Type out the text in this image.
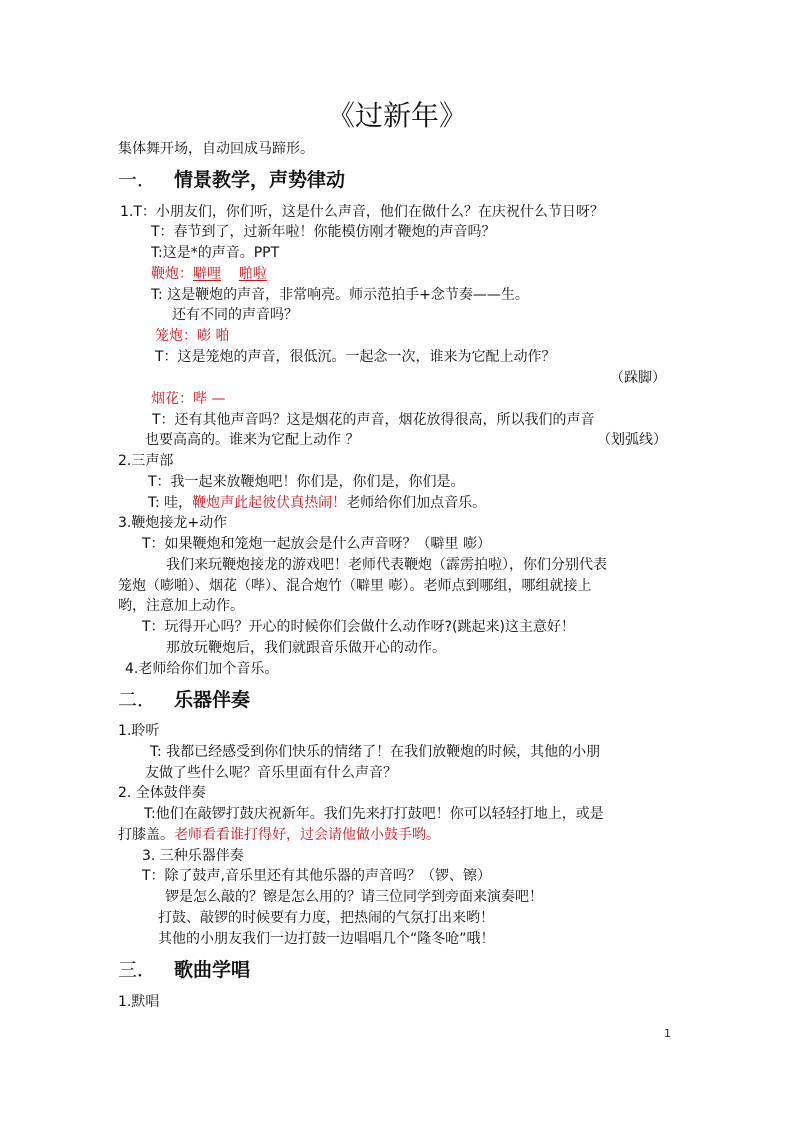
《过新年》
集体舞开场，自动回成马蹄形。
一． 情景教学，声势律动
1.T：小朋友们，你们听，这是什么声音，他们在做什么？在庆祝什么节日呀？
T：春节到了，过新年啦！你能模仿刚才鞭炮的声音吗？
T:这是*的声音。PPT
鞭炮：噼哩 啪啦
T: 这是鞭炮的声音，非常响亮。师示范拍手+念节奏——生。
还有不同的声音吗？
笼炮：嘭 啪
T：这是笼炮的声音，很低沉。一起念一次，谁来为它配上动作？
（跺脚）
烟花：哔 —
T：还有其他声音吗？这是烟花的声音，烟花放得很高，所以我们的声音
也要高高的。谁来为它配上动作 ？	（划弧线）
2.三声部
T：我一起来放鞭炮吧！你们是，你们是，你们是。
T: 哇，鞭炮声此起彼伏真热闹！老师给你们加点音乐。
3.鞭炮接龙+动作
T：如果鞭炮和笼炮一起放会是什么声音呀？（噼里 嘭）
我们来玩鞭炮接龙的游戏吧！老师代表鞭炮（霹雳拍啦），你们分别代表
笼炮（嘭啪）、烟花（哔）、混合炮竹（噼里 嘭）。老师点到哪组，哪组就接上
哟，注意加上动作。
T：玩得开心吗？开心的时候你们会做什么动作呀?(跳起来)这主意好！
那放玩鞭炮后，我们就跟音乐做开心的动作。
4.老师给你们加个音乐。
二． 乐器伴奏
1.聆听
T: 我都已经感受到你们快乐的情绪了！在我们放鞭炮的时候，其他的小朋
友做了些什么呢？音乐里面有什么声音？
2. 全体鼓伴奏
T:他们在敲锣打鼓庆祝新年。我们先来打打鼓吧！你可以轻轻打地上，或是
打膝盖。老师看看谁打得好，过会请他做小鼓手哟。
3. 三种乐器伴奏
T：除了鼓声,音乐里还有其他乐器的声音吗？（锣、镲）
锣是怎么敲的？镲是怎么用的？请三位同学到旁面来演奏吧！
打鼓、敲锣的时候要有力度，把热闹的气氛打出来哟！
其他的小朋友我们一边打鼓一边唱唱几个“隆冬呛”哦！
三． 歌曲学唱
1.默唱
1
